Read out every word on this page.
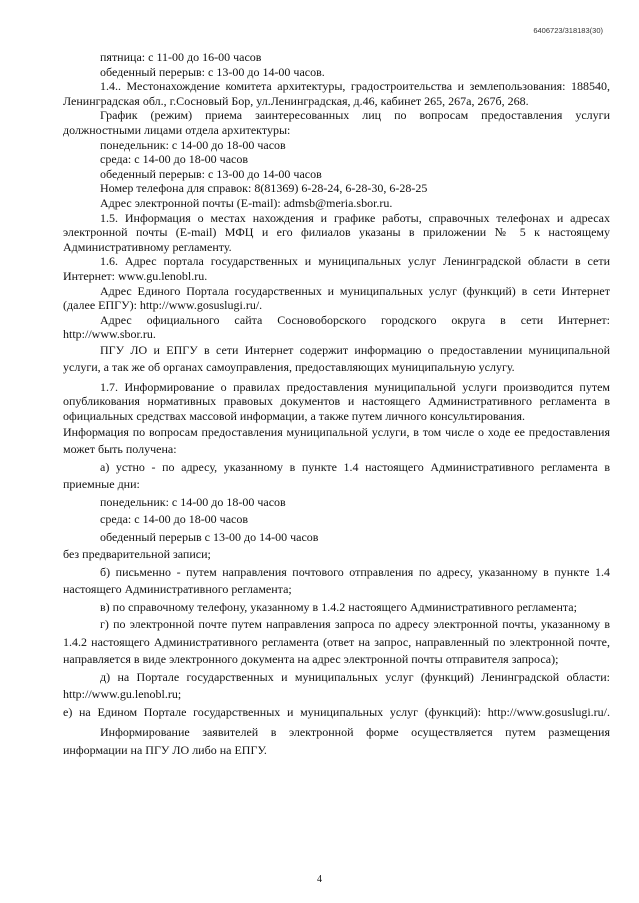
6406723/318183(30)

пятница: с 11-00 до 16-00 часов

обеденный перерыв: с 13-00 до 14-00 часов.

1.4.. Местонахождение комитета архитектуры, градостроительства и землепользования: 188540, Ленинградская обл., г.Сосновый Бор, ул.Ленинградская, д.46, кабинет 265, 267а, 267б, 268.

График (режим) приема заинтересованных лиц по вопросам предоставления услуги должностными лицами отдела архитектуры:

понедельник: с 14-00 до 18-00 часов

среда: с 14-00 до 18-00 часов

обеденный перерыв: с 13-00 до 14-00 часов

Номер телефона для справок: 8(81369) 6-28-24, 6-28-30, 6-28-25

Адрес электронной почты (E-mail): admsb@meria.sbor.ru.

1.5. Информация о местах нахождения и графике работы, справочных телефонах и адресах электронной почты (E-mail) МФЦ и его филиалов указаны в приложении № 5 к настоящему Административному регламенту.

1.6. Адрес портала государственных и муниципальных услуг Ленинградской области в сети Интернет: www.gu.lenobl.ru.

Адрес Единого Портала государственных и муниципальных услуг (функций) в сети Интернет (далее ЕПГУ): http://www.gosuslugi.ru/.

Адрес официального сайта Сосновоборского городского округа в сети Интернет: http://www.sbor.ru.

ПГУ ЛО и ЕПГУ в сети Интернет содержит информацию о предоставлении муниципальной услуги, а так же об органах самоуправления, предоставляющих муниципальную услугу.

1.7. Информирование о правилах предоставления муниципальной услуги производится путем опубликования нормативных правовых документов и настоящего Административного регламента в официальных средствах массовой информации, а также путем личного консультирования.

Информация по вопросам предоставления муниципальной услуги, в том числе о ходе ее предоставления может быть получена:

а) устно - по адресу, указанному в пункте 1.4 настоящего Административного регламента в приемные дни:

понедельник: с 14-00 до 18-00 часов

среда: с 14-00 до 18-00 часов

обеденный перерыв с 13-00 до 14-00 часов

без предварительной записи;

б) письменно - путем направления почтового отправления по адресу, указанному в пункте 1.4 настоящего Административного регламента;

в) по справочному телефону, указанному в 1.4.2 настоящего Административного регламента;

г) по электронной почте путем направления запроса по адресу электронной почты, указанному в 1.4.2 настоящего Административного регламента (ответ на запрос, направленный по электронной почте, направляется в виде электронного документа на адрес электронной почты отправителя запроса);

д) на Портале государственных и муниципальных услуг (функций) Ленинградской области: http://www.gu.lenobl.ru;

е) на Едином Портале государственных и муниципальных услуг (функций): http://www.gosuslugi.ru/.

Информирование заявителей в электронной форме осуществляется путем размещения информации на ПГУ ЛО либо на ЕПГУ.

4
